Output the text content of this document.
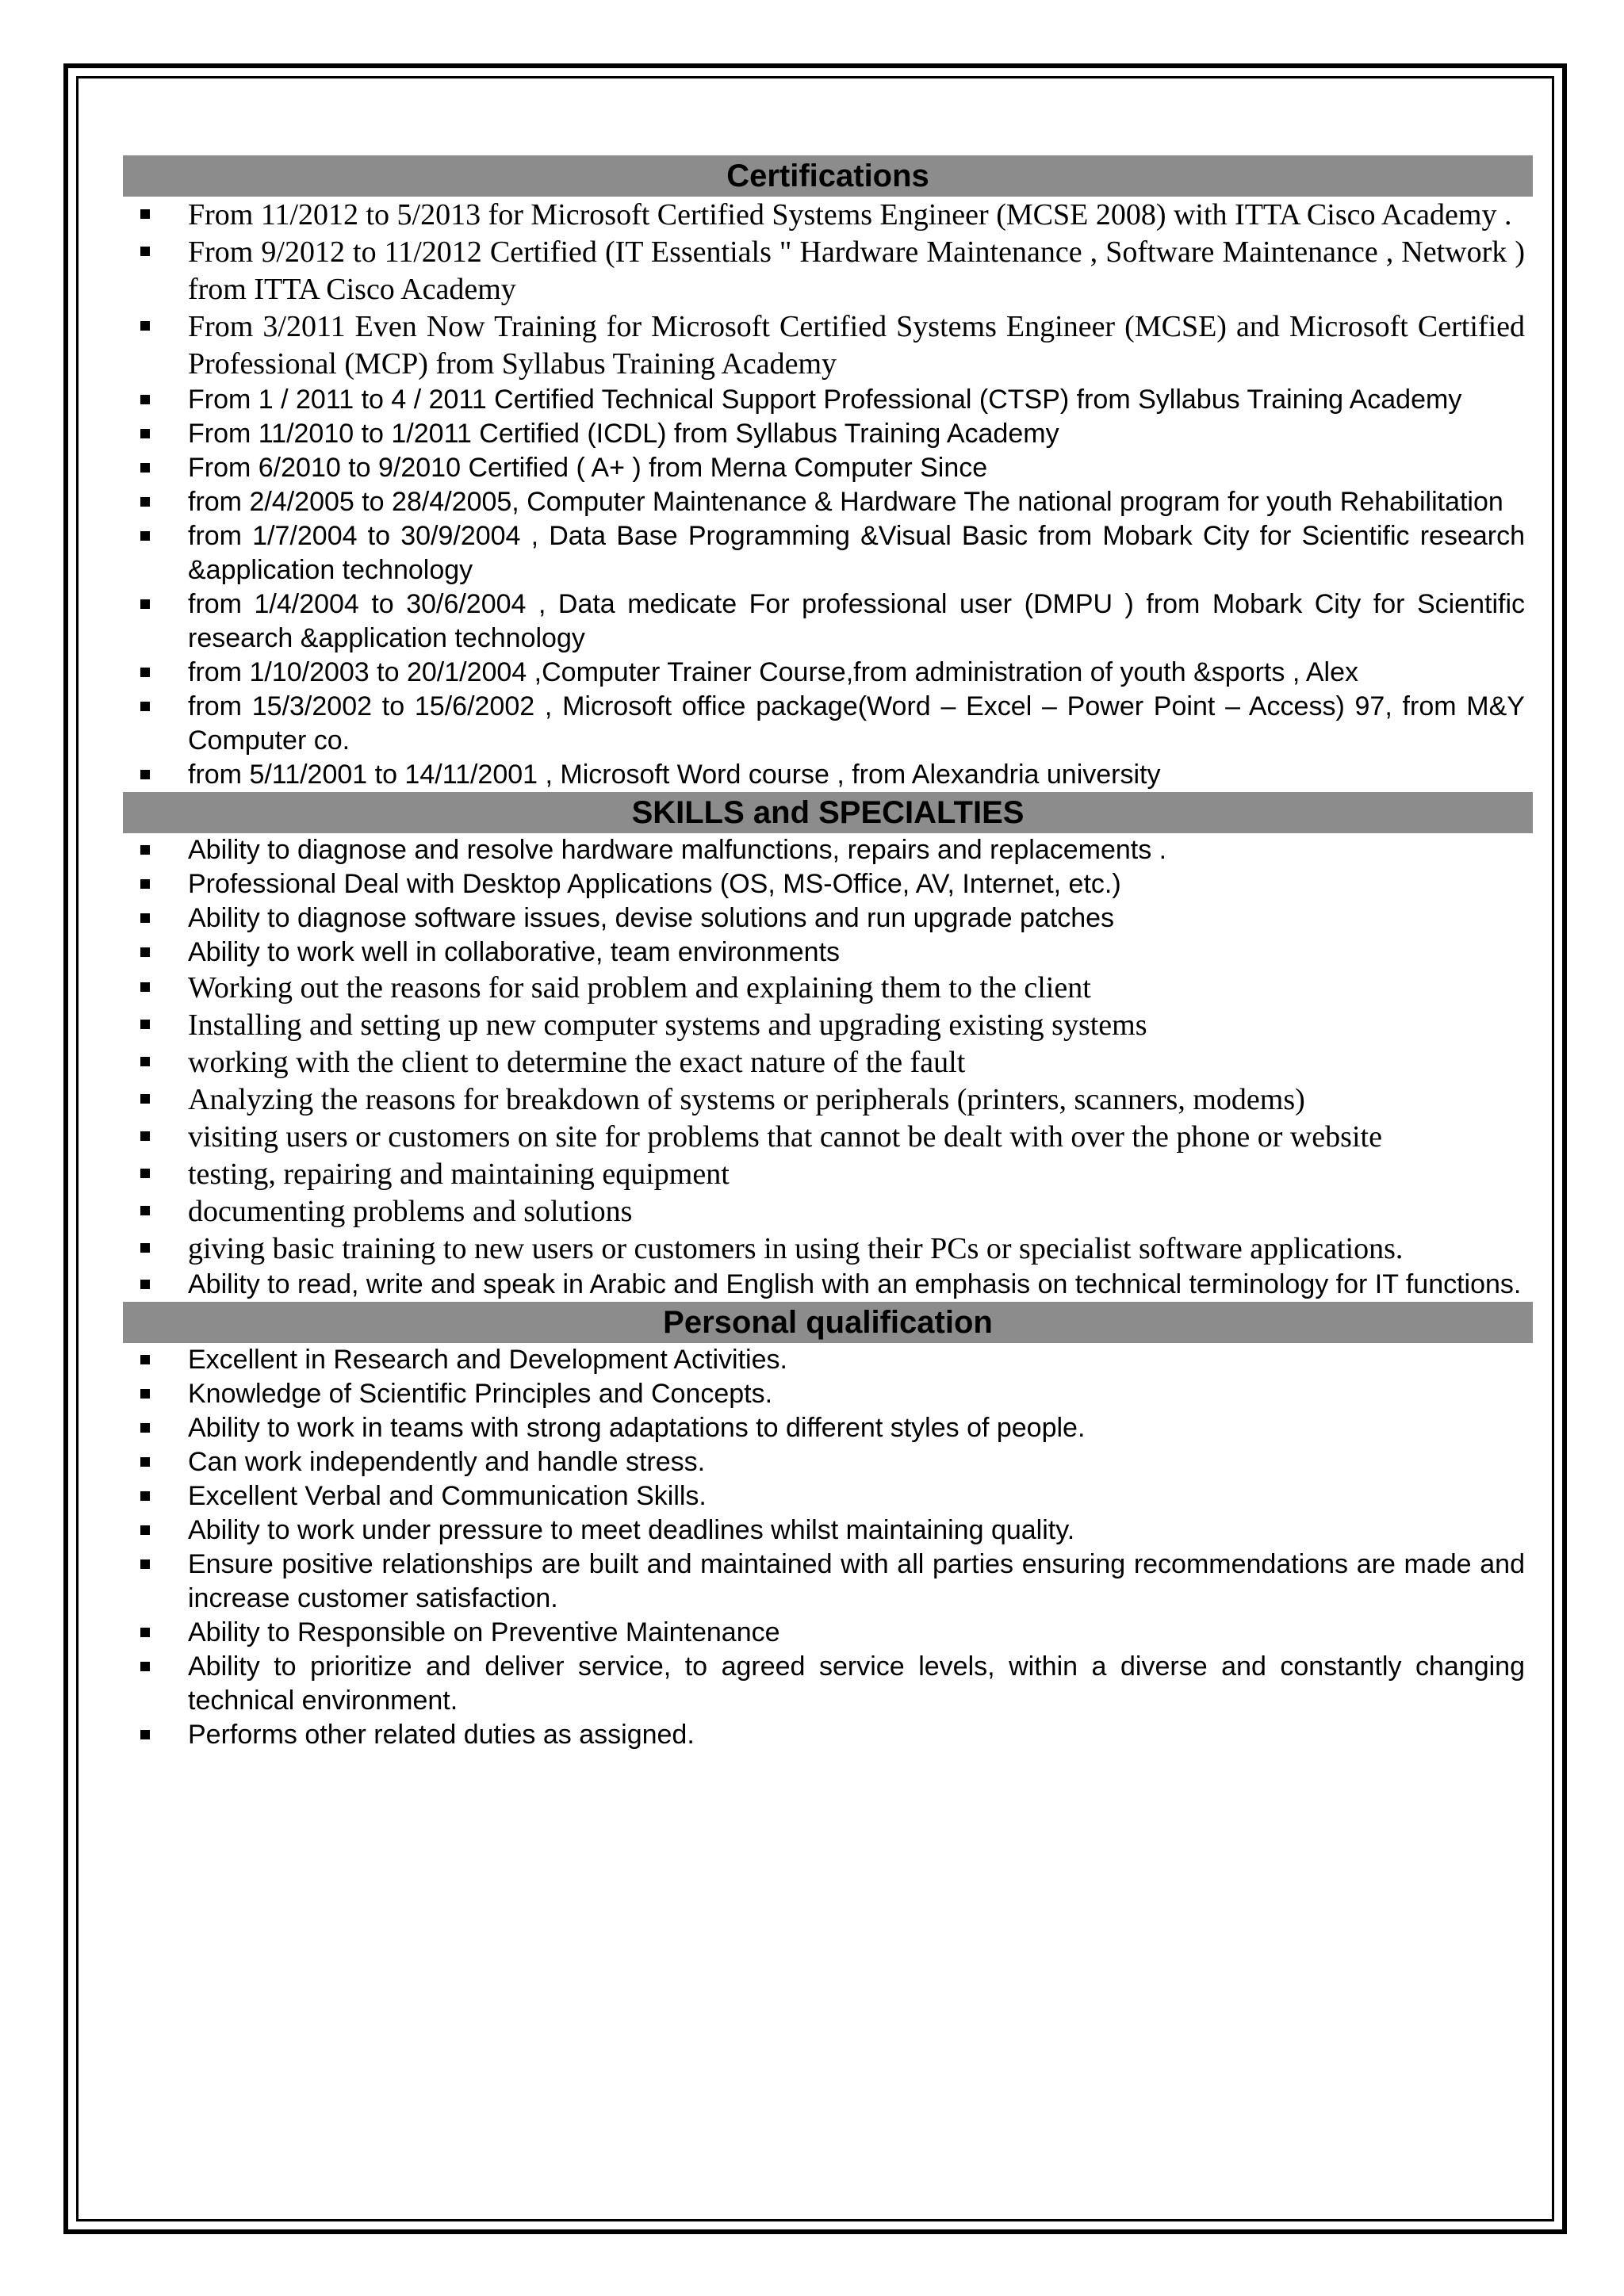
Certifications
From 11/2012 to 5/2013 for Microsoft Certified Systems Engineer (MCSE 2008) with ITTA Cisco Academy .
From 9/2012 to 11/2012 Certified (IT Essentials " Hardware Maintenance , Software Maintenance , Network ) from ITTA Cisco Academy
From 3/2011 Even Now Training for Microsoft Certified Systems Engineer (MCSE) and Microsoft Certified Professional (MCP) from Syllabus Training Academy
From 1 / 2011 to 4 / 2011 Certified Technical Support Professional (CTSP) from Syllabus Training Academy
From 11/2010 to 1/2011 Certified (ICDL) from Syllabus Training Academy
From 6/2010 to 9/2010 Certified ( A+ ) from Merna Computer Since
from 2/4/2005 to 28/4/2005, Computer Maintenance & Hardware The national program for youth Rehabilitation
from 1/7/2004 to 30/9/2004 , Data Base Programming &Visual Basic from Mobark City for Scientific research &application technology
from 1/4/2004 to 30/6/2004 , Data medicate For professional user (DMPU ) from Mobark City for Scientific research &application technology
from 1/10/2003 to 20/1/2004 ,Computer Trainer Course,from administration of youth &sports , Alex
from 15/3/2002 to 15/6/2002 , Microsoft office package(Word – Excel – Power Point – Access) 97, from M&Y Computer co.
from 5/11/2001 to 14/11/2001 , Microsoft Word course , from Alexandria university
SKILLS and SPECIALTIES
Ability to diagnose and resolve hardware malfunctions, repairs and replacements .
Professional Deal with Desktop Applications (OS, MS-Office, AV, Internet, etc.)
Ability to diagnose software issues, devise solutions and run upgrade patches
Ability to work well in collaborative, team environments
Working out the reasons for said problem and explaining them to the client
Installing and setting up new computer systems and upgrading existing systems
working with the client to determine the exact nature of the fault
Analyzing the reasons for breakdown of systems or peripherals (printers, scanners, modems)
visiting users or customers on site for problems that cannot be dealt with over the phone or website
testing, repairing and maintaining equipment
documenting problems and solutions
giving basic training to new users or customers in using their PCs or specialist software applications.
Ability to read, write and speak in Arabic and English with an emphasis on technical terminology for IT functions.
Personal qualification
Excellent in Research and Development Activities.
Knowledge of Scientific Principles and Concepts.
Ability to work in teams with strong adaptations to different styles of people.
Can work independently and handle stress.
Excellent Verbal and Communication Skills.
Ability to work under pressure to meet deadlines whilst maintaining quality.
Ensure positive relationships are built and maintained with all parties ensuring recommendations are made and increase customer satisfaction.
Ability to Responsible on Preventive Maintenance
Ability to prioritize and deliver service, to agreed service levels, within a diverse and constantly changing technical environment.
Performs other related duties as assigned.
